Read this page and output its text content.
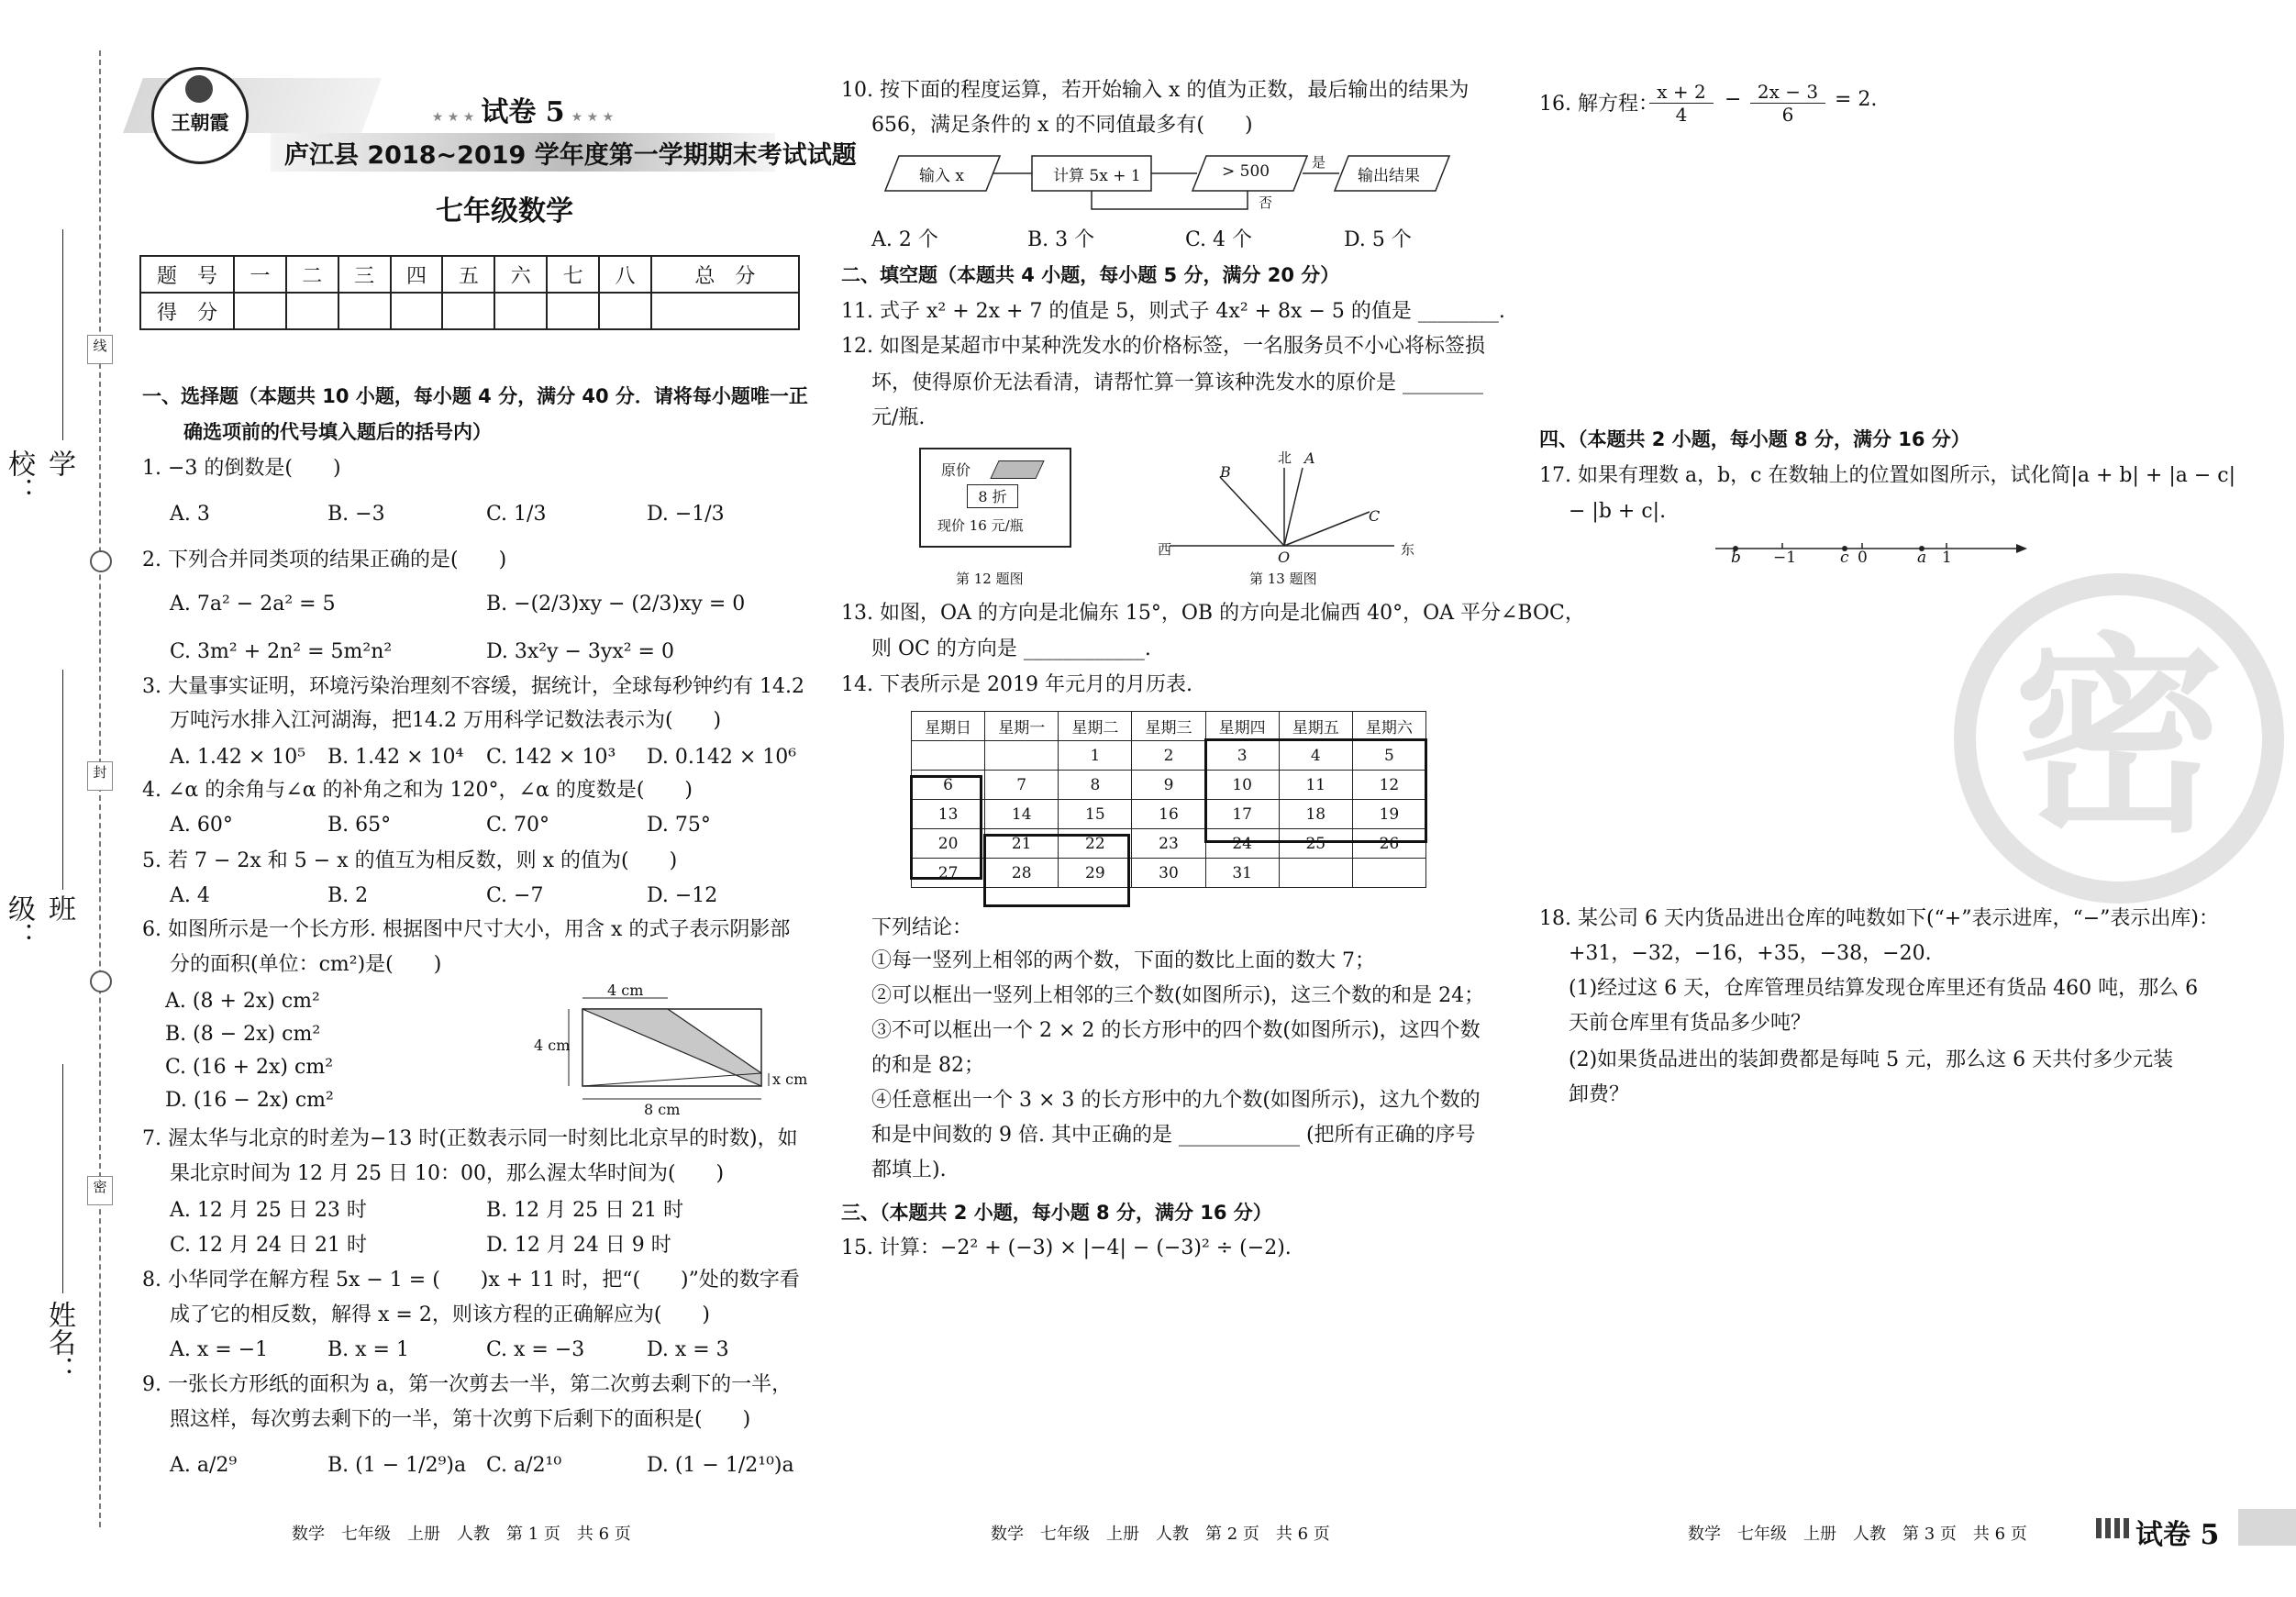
线
封
密
学校：
班级：
姓名：
王朝霞	★ ★ ★ 试卷 5 ★ ★ ★
庐江县 2018~2019 学年度第一学期期末考试试题
七年级数学
题　号	一	二	三	四	五	六	七	八	总　分
得　分									
一、选择题（本题共 10 小题，每小题 4 分，满分 40 分．请将每小题唯一正
确选项前的代号填入题后的括号内）
1. −3 的倒数是(　　)
A. 3	B. −3	C. 1/3	D. −1/3
2. 下列合并同类项的结果正确的是(　　)
A. 7a² − 2a² = 5	B. −(2/3)xy − (2/3)xy = 0
C. 3m² + 2n² = 5m²n²	D. 3x²y − 3yx² = 0
3. 大量事实证明，环境污染治理刻不容缓，据统计，全球每秒钟约有 14.2
万吨污水排入江河湖海，把14.2 万用科学记数法表示为(　　)
A. 1.42 × 10⁵ B. 1.42 × 10⁴ C. 142 × 10³ D. 0.142 × 10⁶
4. ∠α 的余角与∠α 的补角之和为 120°，∠α 的度数是(　　)
A. 60°	B. 65°	C. 70°	D. 75°
5. 若 7 − 2x 和 5 − x 的值互为相反数，则 x 的值为(　　)
A. 4	B. 2	C. −7	D. −12
6. 如图所示是一个长方形. 根据图中尺寸大小，用含 x 的式子表示阴影部
分的面积(单位：cm²)是(　　)
A. (8 + 2x) cm²
B. (8 − 2x) cm²
C. (16 + 2x) cm²
D. (16 − 2x) cm²
4 cm
4 cm
8 cm
x cm
7. 渥太华与北京的时差为−13 时(正数表示同一时刻比北京早的时数)，如
果北京时间为 12 月 25 日 10：00，那么渥太华时间为(　　)
A. 12 月 25 日 23 时	B. 12 月 25 日 21 时
C. 12 月 24 日 21 时	D. 12 月 24 日 9 时
8. 小华同学在解方程 5x − 1 = (　　)x + 11 时，把“(　　)”处的数字看
成了它的相反数，解得 x = 2，则该方程的正确解应为(　　)
A. x = −1	B. x = 1	C. x = −3	D. x = 3
9. 一张长方形纸的面积为 a，第一次剪去一半，第二次剪去剩下的一半，
照这样，每次剪去剩下的一半，第十次剪下后剩下的面积是(　　)
A. a/2⁹	B. (1 − 1/2⁹)a C. a/2¹⁰	D. (1 − 1/2¹⁰)a
10. 按下面的程度运算，若开始输入 x 的值为正数，最后输出的结果为
656，满足条件的 x 的不同值最多有(　　)
输入 x	计算 5x + 1	> 500	输出结果
是
否
A. 2 个	B. 3 个	C. 4 个	D. 5 个
二、填空题（本题共 4 小题，每小题 5 分，满分 20 分）
11. 式子 x² + 2x + 7 的值是 5，则式子 4x² + 8x − 5 的值是 ________.
12. 如图是某超市中某种洗发水的价格标签，一名服务员不小心将标签损
坏，使得原价无法看清，请帮忙算一算该种洗发水的原价是 ________
元/瓶.
原价
8 折
现价 16 元/瓶
第 12 题图
北 A
B
C
西	东
O
第 13 题图
13. 如图，OA 的方向是北偏东 15°，OB 的方向是北偏西 40°，OA 平分∠BOC，
则 OC 的方向是 ____________.
14. 下表所示是 2019 年元月的月历表.
星期日	星期一	星期二	星期三	星期四	星期五	星期六
		1	2	3	4	5
6	7	8	9	10	11	12
13	14	15	16	17	18	19
20	21	22	23	24	25	26
27	28	29	30	31		
下列结论：
①每一竖列上相邻的两个数，下面的数比上面的数大 7；
②可以框出一竖列上相邻的三个数(如图所示)，这三个数的和是 24；
③不可以框出一个 2 × 2 的长方形中的四个数(如图所示)，这四个数
的和是 82；
④任意框出一个 3 × 3 的长方形中的九个数(如图所示)，这九个数的
和是中间数的 9 倍. 其中正确的是 ____________ (把所有正确的序号
都填上).
三、（本题共 2 小题，每小题 8 分，满分 16 分）
15. 计算：−2² + (−3) × |−4| − (−3)² ÷ (−2).
16. 解方程：
x + 2
4
− 2x − 3
6
= 2.
四、（本题共 2 小题，每小题 8 分，满分 16 分）
17. 如果有理数 a，b，c 在数轴上的位置如图所示，试化简|a + b| + |a − c|
− |b + c|.
b −1	c 0	a 1
密
18. 某公司 6 天内货品进出仓库的吨数如下(“+”表示进库，“−”表示出库)：
+31，−32，−16，+35，−38，−20.
(1)经过这 6 天，仓库管理员结算发现仓库里还有货品 460 吨，那么 6
天前仓库里有货品多少吨？
(2)如果货品进出的装卸费都是每吨 5 元，那么这 6 天共付多少元装
卸费？
数学　七年级　上册　人教　第 1 页　共 6 页	数学　七年级　上册　人教　第 2 页　共 6 页	数学　七年级　上册　人教　第 3 页　共 6 页	试卷 5
